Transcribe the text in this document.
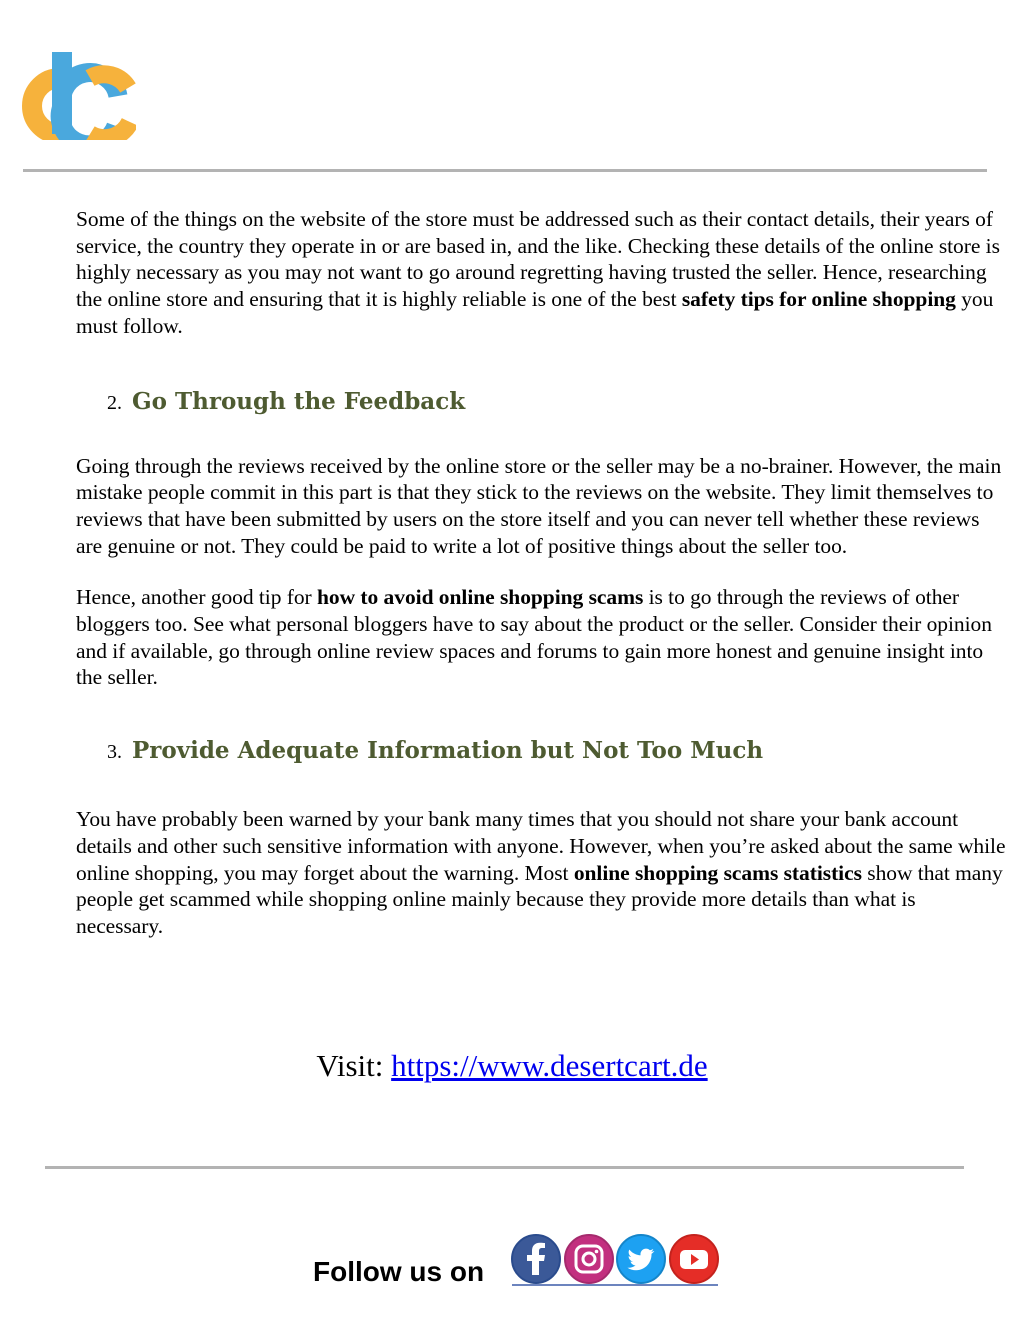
Some of the things on the website of the store must be addressed such as their contact details, their years of service, the country they operate in or are based in, and the like. Checking these details of the online store is highly necessary as you may not want to go around regretting having trusted the seller. Hence, researching the online store and ensuring that it is highly reliable is one of the best safety tips for online shopping you must follow.

2. Go Through the Feedback

Going through the reviews received by the online store or the seller may be a no-brainer. However, the main mistake people commit in this part is that they stick to the reviews on the website. They limit themselves to reviews that have been submitted by users on the store itself and you can never tell whether these reviews are genuine or not. They could be paid to write a lot of positive things about the seller too.

Hence, another good tip for how to avoid online shopping scams is to go through the reviews of other bloggers too. See what personal bloggers have to say about the product or the seller. Consider their opinion and if available, go through online review spaces and forums to gain more honest and genuine insight into the seller.

3. Provide Adequate Information but Not Too Much

You have probably been warned by your bank many times that you should not share your bank account details and other such sensitive information with anyone. However, when you’re asked about the same while online shopping, you may forget about the warning. Most online shopping scams statistics show that many people get scammed while shopping online mainly because they provide more details than what is necessary.

Visit: https://www.desertcart.de
Follow us on
